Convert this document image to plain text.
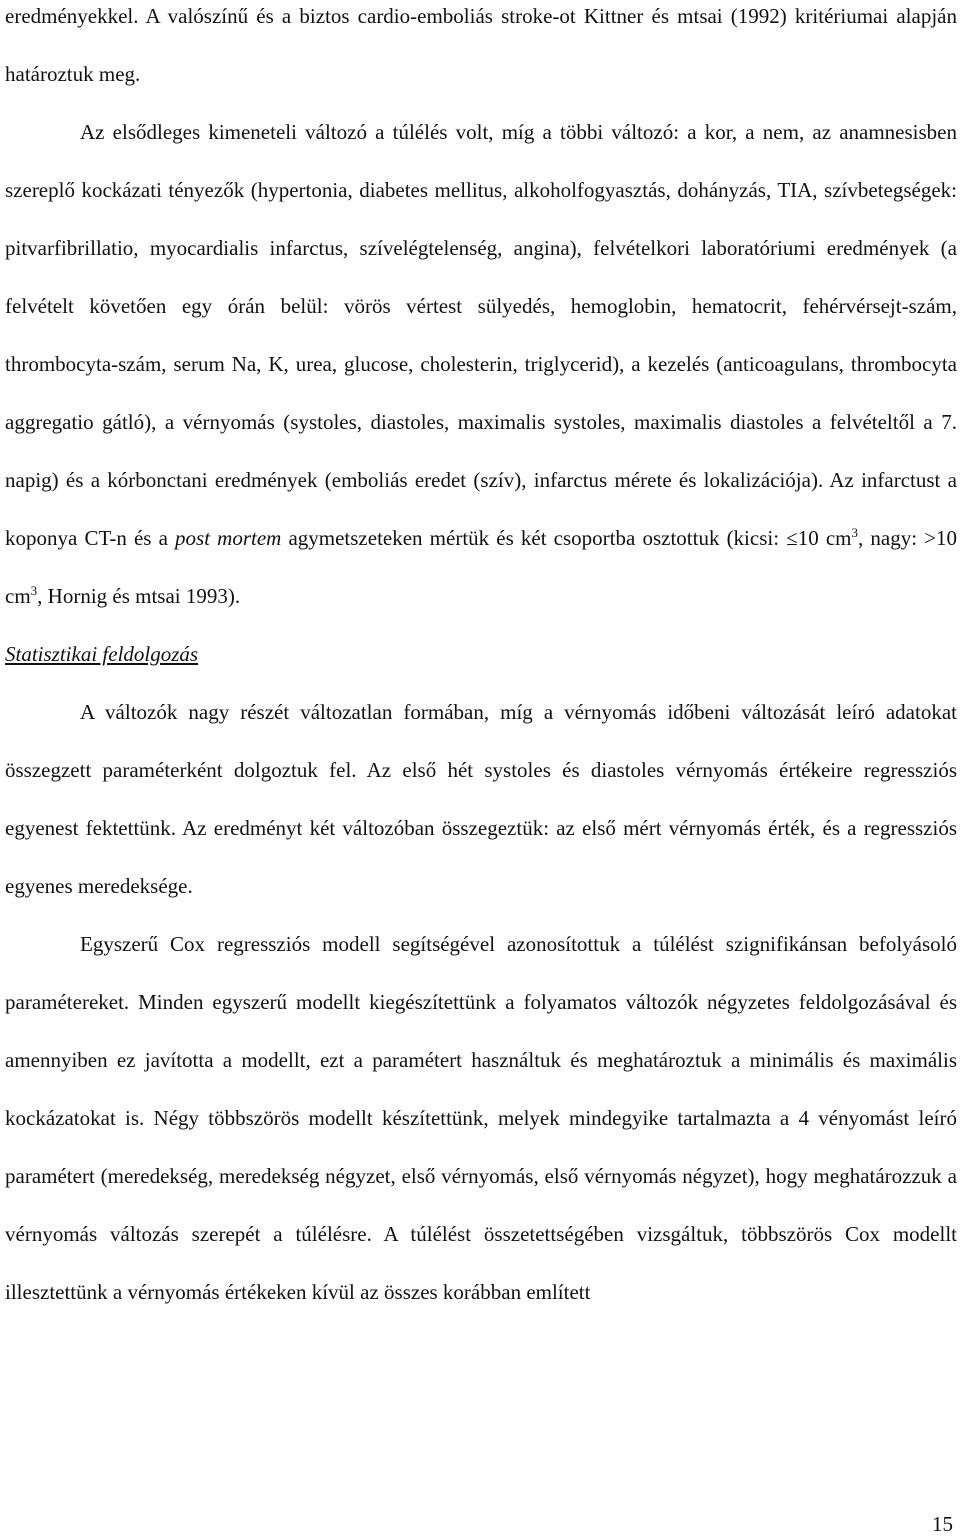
eredményekkel. A valószínű és a biztos cardio-emboliás stroke-ot Kittner és mtsai (1992) kritériumai alapján határoztuk meg.

Az elsődleges kimeneteli változó a túlélés volt, míg a többi változó: a kor, a nem, az anamnesisben szereplő kockázati tényezők (hypertonia, diabetes mellitus, alkoholfogyasztás, dohányzás, TIA, szívbetegségek: pitvarfibrillatio, myocardialis infarctus, szívelégtelenség, angina), felvételkori laboratóriumi eredmények (a felvételt követően egy órán belül: vörös vértest sülyedés, hemoglobin, hematocrit, fehérvérsejt-szám, thrombocyta-szám, serum Na, K, urea, glucose, cholesterin, triglycerid), a kezelés (anticoagulans, thrombocyta aggregatio gátló), a vérnyomás (systoles, diastoles, maximalis systoles, maximalis diastoles a felvételtől a 7. napig) és a kórbonctani eredmények (emboliás eredet (szív), infarctus mérete és lokalizációja). Az infarctust a koponya CT-n és a post mortem agymetszeteken mértük és két csoportba osztottuk (kicsi: ≤10 $cm^3$, nagy: >10 $cm^3$, Hornig és mtsai 1993).

Statisztikai feldolgozás

A változók nagy részét változatlan formában, míg a vérnyomás időbeni változását leíró adatokat összegzett paraméterként dolgoztuk fel. Az első hét systoles és diastoles vérnyomás értékeire regressziós egyenest fektettünk. Az eredményt két változóban összegeztük: az első mért vérnyomás érték, és a regressziós egyenes meredeksége.

Egyszerű Cox regressziós modell segítségével azonosítottuk a túlélést szignifikánsan befolyásoló paramétereket. Minden egyszerű modellt kiegészítettünk a folyamatos változók négyzetes feldolgozásával és amennyiben ez javította a modellt, ezt a paramétert használtuk és meghatároztuk a minimális és maximális kockázatokat is. Négy többszörös modellt készítettünk, melyek mindegyike tartalmazta a 4 vényomást leíró paramétert (meredekség, meredekség négyzet, első vérnyomás, első vérnyomás négyzet), hogy meghatározzuk a vérnyomás változás szerepét a túlélésre. A túlélést összetettségében vizsgáltuk, többszörös Cox modellt illesztettünk a vérnyomás értékeken kívül az összes korábban említett

15
